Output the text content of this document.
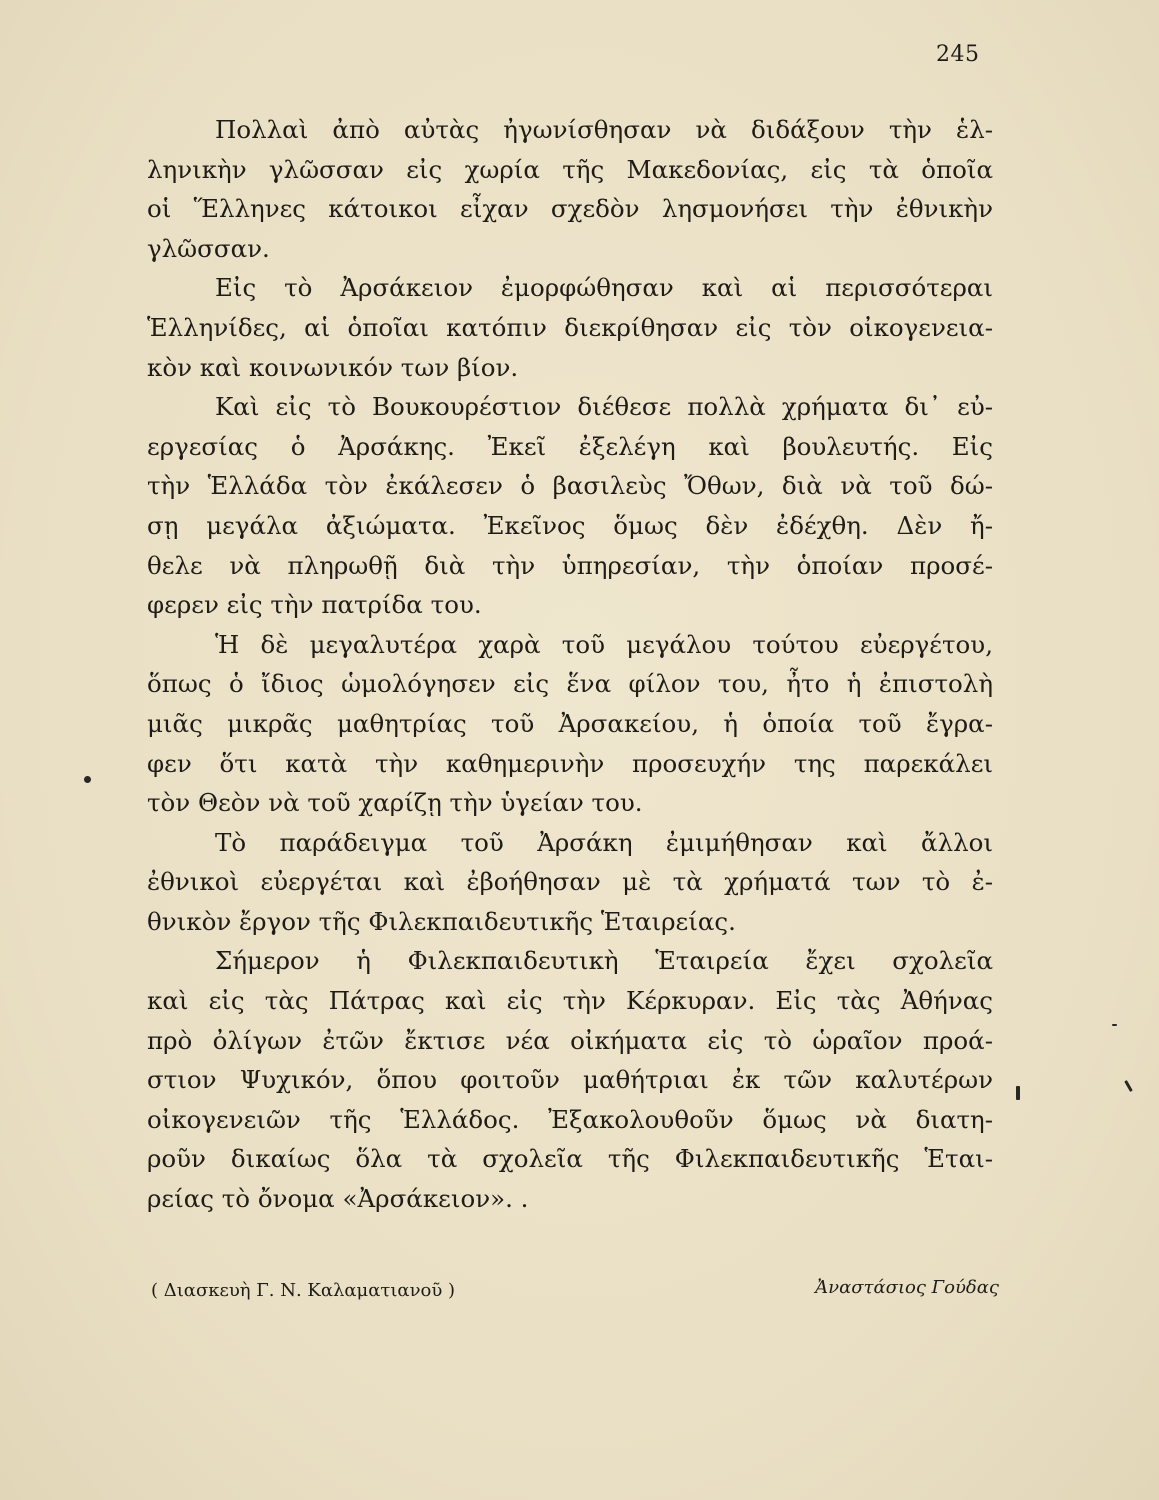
245
Πολλαὶ ἀπὸ αὐτὰς ἠγωνίσθησαν νὰ διδάξουν τὴν ἑλ-
ληνικὴν γλῶσσαν εἰς χωρία τῆς Μακεδονίας, εἰς τὰ ὁποῖα
οἱ Ἕλληνες κάτοικοι εἶχαν σχεδὸν λησμονήσει τὴν ἐθνικὴν
γλῶσσαν.
Εἰς τὸ Ἀρσάκειον ἐμορφώθησαν καὶ αἱ περισσότεραι
Ἑλληνίδες, αἱ ὁποῖαι κατόπιν διεκρίθησαν εἰς τὸν οἰκογενεια-
κὸν καὶ κοινωνικόν των βίον.
Καὶ εἰς τὸ Βουκουρέστιον διέθεσε πολλὰ χρήματα δι᾽ εὐ-
εργεσίας ὁ Ἀρσάκης. Ἐκεῖ ἐξελέγη καὶ βουλευτής. Εἰς
τὴν Ἑλλάδα τὸν ἐκάλεσεν ὁ βασιλεὺς Ὄθων, διὰ νὰ τοῦ δώ-
σῃ μεγάλα ἀξιώματα. Ἐκεῖνος ὅμως δὲν ἐδέχθη. Δὲν ἤ-
θελε νὰ πληρωθῇ διὰ τὴν ὑπηρεσίαν, τὴν ὁποίαν προσέ-
φερεν εἰς τὴν πατρίδα του.
Ἡ δὲ μεγαλυτέρα χαρὰ τοῦ μεγάλου τούτου εὐεργέτου,
ὅπως ὁ ἴδιος ὡμολόγησεν εἰς ἕνα φίλον του, ἦτο ἡ ἐπιστολὴ
μιᾶς μικρᾶς μαθητρίας τοῦ Ἀρσακείου, ἡ ὁποία τοῦ ἔγρα-
φεν ὅτι κατὰ τὴν καθημερινὴν προσευχήν της παρεκάλει
τὸν Θεὸν νὰ τοῦ χαρίζῃ τὴν ὑγείαν του.
Τὸ παράδειγμα τοῦ Ἀρσάκη ἐμιμήθησαν καὶ ἄλλοι
ἐθνικοὶ εὐεργέται καὶ ἐβοήθησαν μὲ τὰ χρήματά των τὸ ἐ-
θνικὸν ἔργον τῆς Φιλεκπαιδευτικῆς Ἑταιρείας.
Σήμερον ἡ Φιλεκπαιδευτικὴ Ἑταιρεία ἔχει σχολεῖα
καὶ εἰς τὰς Πάτρας καὶ εἰς τὴν Κέρκυραν. Εἰς τὰς Ἀθήνας
πρὸ ὀλίγων ἐτῶν ἔκτισε νέα οἰκήματα εἰς τὸ ὡραῖον προά-
στιον Ψυχικόν, ὅπου φοιτοῦν μαθήτριαι ἐκ τῶν καλυτέρων
οἰκογενειῶν τῆς Ἑλλάδος. Ἐξακολουθοῦν ὅμως νὰ διατη-
ροῦν δικαίως ὅλα τὰ σχολεῖα τῆς Φιλεκπαιδευτικῆς Ἑται-
ρείας τὸ ὄνομα «Ἀρσάκειον». .
( Διασκευὴ Γ. Ν. Καλαματιανοῦ )	Ἀναστάσιος Γούδας
